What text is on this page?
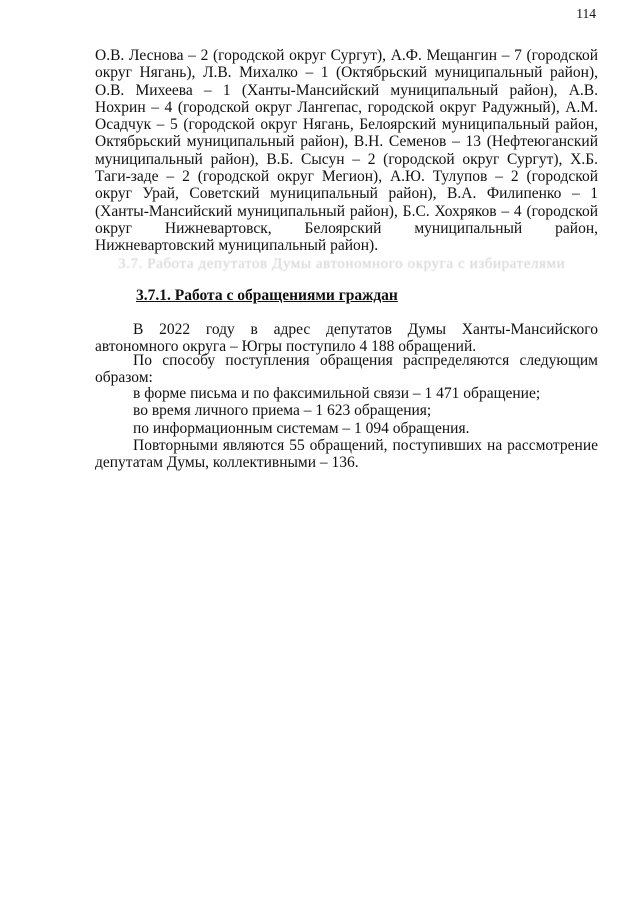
114

О.В. Леснова – 2 (городской округ Сургут), А.Ф. Мещангин – 7 (городской округ Нягань), Л.В. Михалко – 1 (Октябрьский муниципальный район), О.В. Михеева – 1 (Ханты-Мансийский муниципальный район), А.В. Нохрин – 4 (городской округ Лангепас, городской округ Радужный), А.М. Осадчук – 5 (городской округ Нягань, Белоярский муниципальный район, Октябрьский муниципальный район), В.Н. Семенов – 13 (Нефтеюганский муниципальный район), В.Б. Сысун – 2 (городской округ Сургут), Х.Б. Таги-заде – 2 (городской округ Мегион), А.Ю. Тулупов – 2 (городской округ Урай, Советский муниципальный район), В.А. Филипенко – 1 (Ханты-Мансийский муниципальный район), Б.С. Хохряков – 4 (городской округ Нижневартовск, Белоярский муниципальный район, Нижневартовский муниципальный район).

3.7. Работа депутатов Думы автономного округа с избирателями

3.7.1. Работа с обращениями граждан

В 2022 году в адрес депутатов Думы Ханты-Мансийского автономного округа – Югры поступило 4 188 обращений.

По способу поступления обращения распределяются следующим образом:

в форме письма и по факсимильной связи – 1 471 обращение;

во время личного приема – 1 623 обращения;

по информационным системам – 1 094 обращения.

Повторными являются 55 обращений, поступивших на рассмотрение депутатам Думы, коллективными – 136.
